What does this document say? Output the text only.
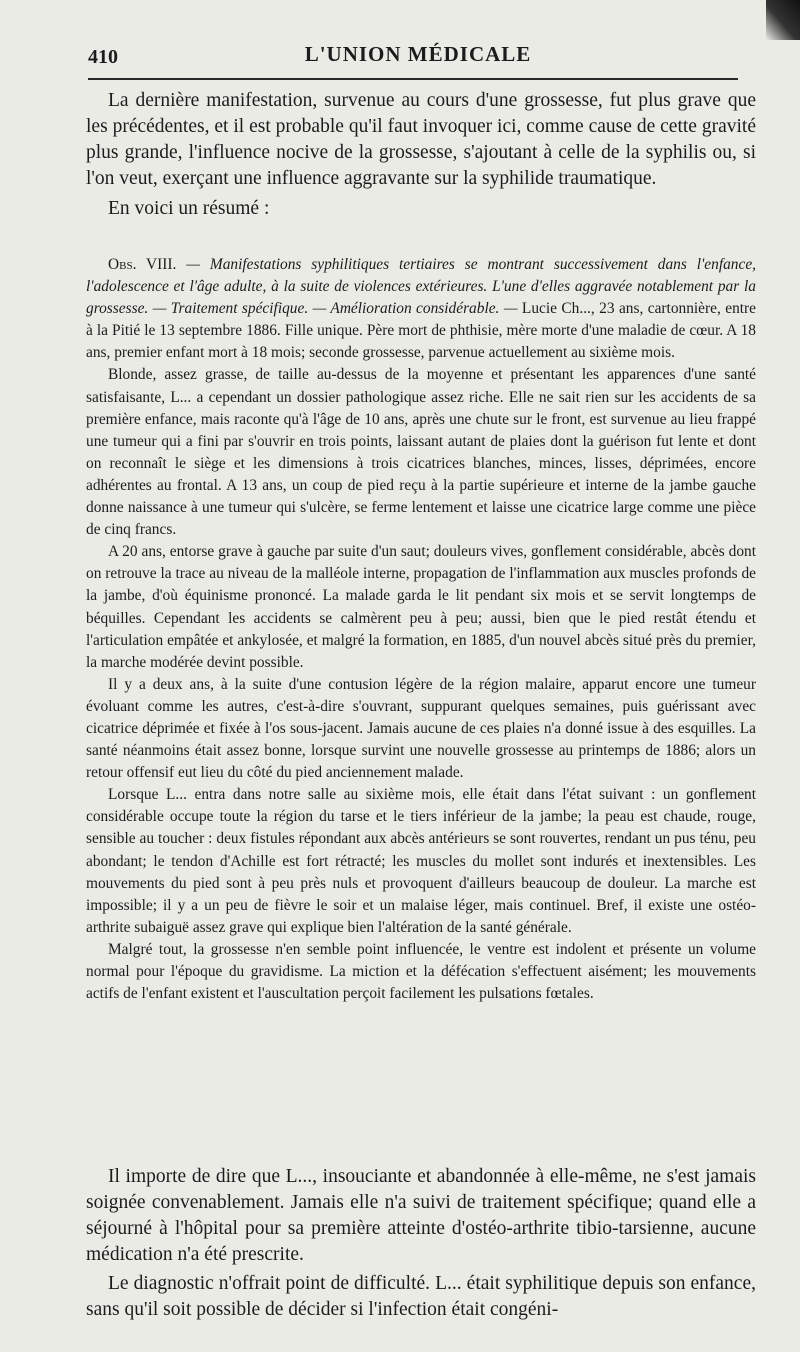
410	L'UNION MÉDICALE

La dernière manifestation, survenue au cours d'une grossesse, fut plus grave que les précédentes, et il est probable qu'il faut invoquer ici, comme cause de cette gravité plus grande, l'influence nocive de la grossesse, s'ajoutant à celle de la syphilis ou, si l'on veut, exerçant une influence aggravante sur la syphilide traumatique.

En voici un résumé :

Obs. VIII. — Manifestations syphilitiques tertiaires se montrant successivement dans l'enfance, l'adolescence et l'âge adulte, à la suite de violences extérieures. L'une d'elles aggravée notablement par la grossesse. — Traitement spécifique. — Amélioration considérable. — Lucie Ch..., 23 ans, cartonnière, entre à la Pitié le 13 septembre 1886. Fille unique. Père mort de phthisie, mère morte d'une maladie de cœur. A 18 ans, premier enfant mort à 18 mois; seconde grossesse, parvenue actuellement au sixième mois.

Blonde, assez grasse, de taille au-dessus de la moyenne et présentant les apparences d'une santé satisfaisante, L... a cependant un dossier pathologique assez riche. Elle ne sait rien sur les accidents de sa première enfance, mais raconte qu'à l'âge de 10 ans, après une chute sur le front, est survenue au lieu frappé une tumeur qui a fini par s'ouvrir en trois points, laissant autant de plaies dont la guérison fut lente et dont on reconnaît le siège et les dimensions à trois cicatrices blanches, minces, lisses, déprimées, encore adhérentes au frontal. A 13 ans, un coup de pied reçu à la partie supérieure et interne de la jambe gauche donne naissance à une tumeur qui s'ulcère, se ferme lentement et laisse une cicatrice large comme une pièce de cinq francs.

A 20 ans, entorse grave à gauche par suite d'un saut; douleurs vives, gonflement considérable, abcès dont on retrouve la trace au niveau de la malléole interne, propagation de l'inflammation aux muscles profonds de la jambe, d'où équinisme prononcé. La malade garda le lit pendant six mois et se servit longtemps de béquilles. Cependant les accidents se calmèrent peu à peu; aussi, bien que le pied restât étendu et l'articulation empâtée et ankylosée, et malgré la formation, en 1885, d'un nouvel abcès situé près du premier, la marche modérée devint possible.

Il y a deux ans, à la suite d'une contusion légère de la région malaire, apparut encore une tumeur évoluant comme les autres, c'est-à-dire s'ouvrant, suppurant quelques semaines, puis guérissant avec cicatrice déprimée et fixée à l'os sous-jacent. Jamais aucune de ces plaies n'a donné issue à des esquilles. La santé néanmoins était assez bonne, lorsque survint une nouvelle grossesse au printemps de 1886; alors un retour offensif eut lieu du côté du pied anciennement malade.

Lorsque L... entra dans notre salle au sixième mois, elle était dans l'état suivant : un gonflement considérable occupe toute la région du tarse et le tiers inférieur de la jambe; la peau est chaude, rouge, sensible au toucher : deux fistules répondant aux abcès antérieurs se sont rouvertes, rendant un pus ténu, peu abondant; le tendon d'Achille est fort rétracté; les muscles du mollet sont indurés et inextensibles. Les mouvements du pied sont à peu près nuls et provoquent d'ailleurs beaucoup de douleur. La marche est impossible; il y a un peu de fièvre le soir et un malaise léger, mais continuel. Bref, il existe une ostéo-arthrite subaiguë assez grave qui explique bien l'altération de la santé générale.

Malgré tout, la grossesse n'en semble point influencée, le ventre est indolent et présente un volume normal pour l'époque du gravidisme. La miction et la défécation s'effectuent aisément; les mouvements actifs de l'enfant existent et l'auscultation perçoit facilement les pulsations fœtales.

Il importe de dire que L..., insouciante et abandonnée à elle-même, ne s'est jamais soignée convenablement. Jamais elle n'a suivi de traitement spécifique; quand elle a séjourné à l'hôpital pour sa première atteinte d'ostéo-arthrite tibio-tarsienne, aucune médication n'a été prescrite.

Le diagnostic n'offrait point de difficulté. L... était syphilitique depuis son enfance, sans qu'il soit possible de décider si l'infection était congéni-
